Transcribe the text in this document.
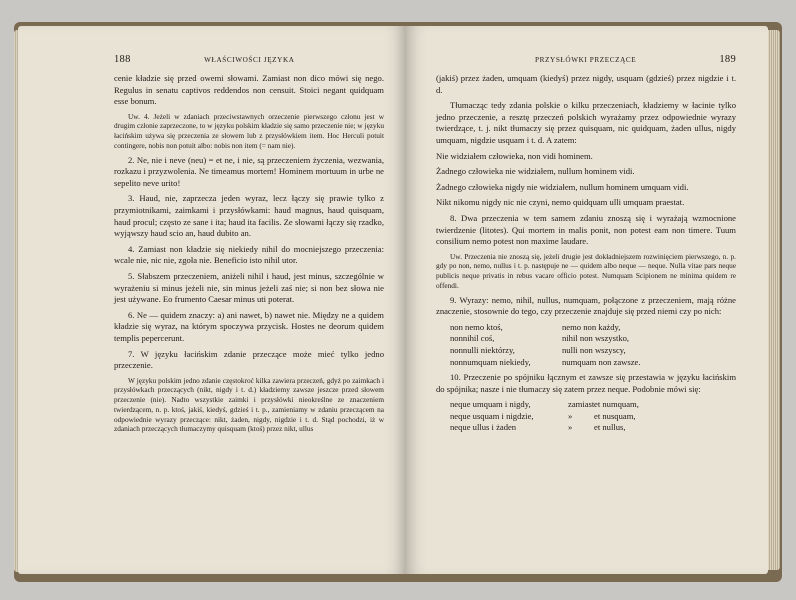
188	WŁAŚCIWOŚCI JĘZYKA

cenie kładzie się przed owemi słowami. Zamiast non dico mówi się nego. Regulus in senatu captivos reddendos non censuit. Stoici negant quidquam esse bonum.

Uw. 4. Jeżeli w zdaniach przeciwstawnych orzeczenie pierwszego członu jest w drugim członie zaprzeczone, to w języku polskim kładzie się samo przeczenie nie; w języku łacińskim używa się przeczenia ze słowem lub z przysłówkiem item. Hoc Herculi potuit contingere, nobis non potuit albo: nobis non item (= nam nie).

2. Ne, nie i neve (neu) = et ne, i nie, są przeczeniem życzenia, wezwania, rozkazu i przyzwolenia. Ne timeamus mortem! Hominem mortuum in urbe ne sepelito neve urito!

3. Haud, nie, zaprzecza jeden wyraz, lecz łączy się prawie tylko z przymiotnikami, zaimkami i przysłówkami: haud magnus, haud quisquam, haud procul; często ze sane i ita; haud ita facilis. Ze słowami łączy się rzadko, wyjąwszy haud scio an, haud dubito an.

4. Zamiast non kładzie się niekiedy nihil do mocniejszego przeczenia: wcale nie, nic nie, zgoła nie. Beneficio isto nihil utor.

5. Słabszem przeczeniem, aniżeli nihil i haud, jest minus, szczególnie w wyrażeniu si minus jeżeli nie, sin minus jeżeli zaś nie; si non bez słowa nie jest używane. Eo frumento Caesar minus uti poterat.

6. Ne — quidem znaczy: a) ani nawet, b) nawet nie. Między ne a quidem kładzie się wyraz, na którym spoczywa przycisk. Hostes ne deorum quidem templis pepercerunt.

7. W języku łacińskim zdanie przeczące może mieć tylko jedno przeczenie.

W języku polskim jedno zdanie częstokroć kilka zawiera przeczeń, gdyż po zaimkach i przysłówkach przeczących (nikt, nigdy i t. d.) kładziemy zawsze jeszcze przed słowem przeczenie (nie). Nadto wszystkie zaimki i przysłówki nieokreślne ze znaczeniem twierdzącem, n. p. ktoś, jakiś, kiedyś, gdzieś i t. p., zamieniamy w zdaniu przeczącem na odpowiednie wyrazy przeczące: nikt, żaden, nigdy, nigdzie i t. d. Stąd pochodzi, iż w zdaniach przeczących tłumaczymy quisquam (ktoś) przez nikt, ullus

PRZYSŁÓWKI PRZECZĄCE	189

(jakiś) przez żaden, umquam (kiedyś) przez nigdy, usquam (gdzieś) przez nigdzie i t. d.

Tłumacząc tedy zdania polskie o kilku przeczeniach, kładziemy w łacinie tylko jedno przeczenie, a resztę przeczeń polskich wyrażamy przez odpowiednie wyrazy twierdzące, t. j. nikt tłumaczy się przez quisquam, nic quidquam, żaden ullus, nigdy umquam, nigdzie usquam i t. d. A zatem:

Nie widziałem człowieka, non vidi hominem.

Żadnego człowieka nie widziałem, nullum hominem vidi.

Żadnego człowieka nigdy nie widziałem, nullum hominem umquam vidi.

Nikt nikomu nigdy nic nie czyni, nemo quidquam ulli umquam praestat.

8. Dwa przeczenia w tem samem zdaniu znoszą się i wyrażają wzmocnione twierdzenie (litotes). Qui mortem in malis ponit, non potest eam non timere. Tuum consilium nemo potest non maxime laudare.

Uw. Przeczenia nie znoszą się, jeżeli drugie jest dokładniejszem rozwinięciem pierwszego, n. p. gdy po non, nemo, nullus i t. p. następuje ne — quidem albo neque — neque. Nulla vitae pars neque publicis neque privatis in rebus vacare officio potest. Numquam Scipionem ne minima quidem re offendi.

9. Wyrazy: nemo, nihil, nullus, numquam, połączone z przeczeniem, mają różne znaczenie, stosownie do tego, czy przeczenie znajduje się przed niemi czy po nich:

non nemo ktoś,	nemo non każdy,
nonnihil coś,	nihil non wszystko,
nonnulli niektórzy,	nulli non wszyscy,
nonnumquam niekiedy,	numquam non zawsze.

10. Przeczenie po spójniku łącznym et zawsze się przestawia w języku łacińskim do spójnika; nasze i nie tłumaczy się zatem przez neque. Podobnie mówi się:

neque umquam i nigdy,	zamiast et numquam,
neque usquam i nigdzie,	»	et nusquam,
neque ullus i żaden	»	et nullus,
